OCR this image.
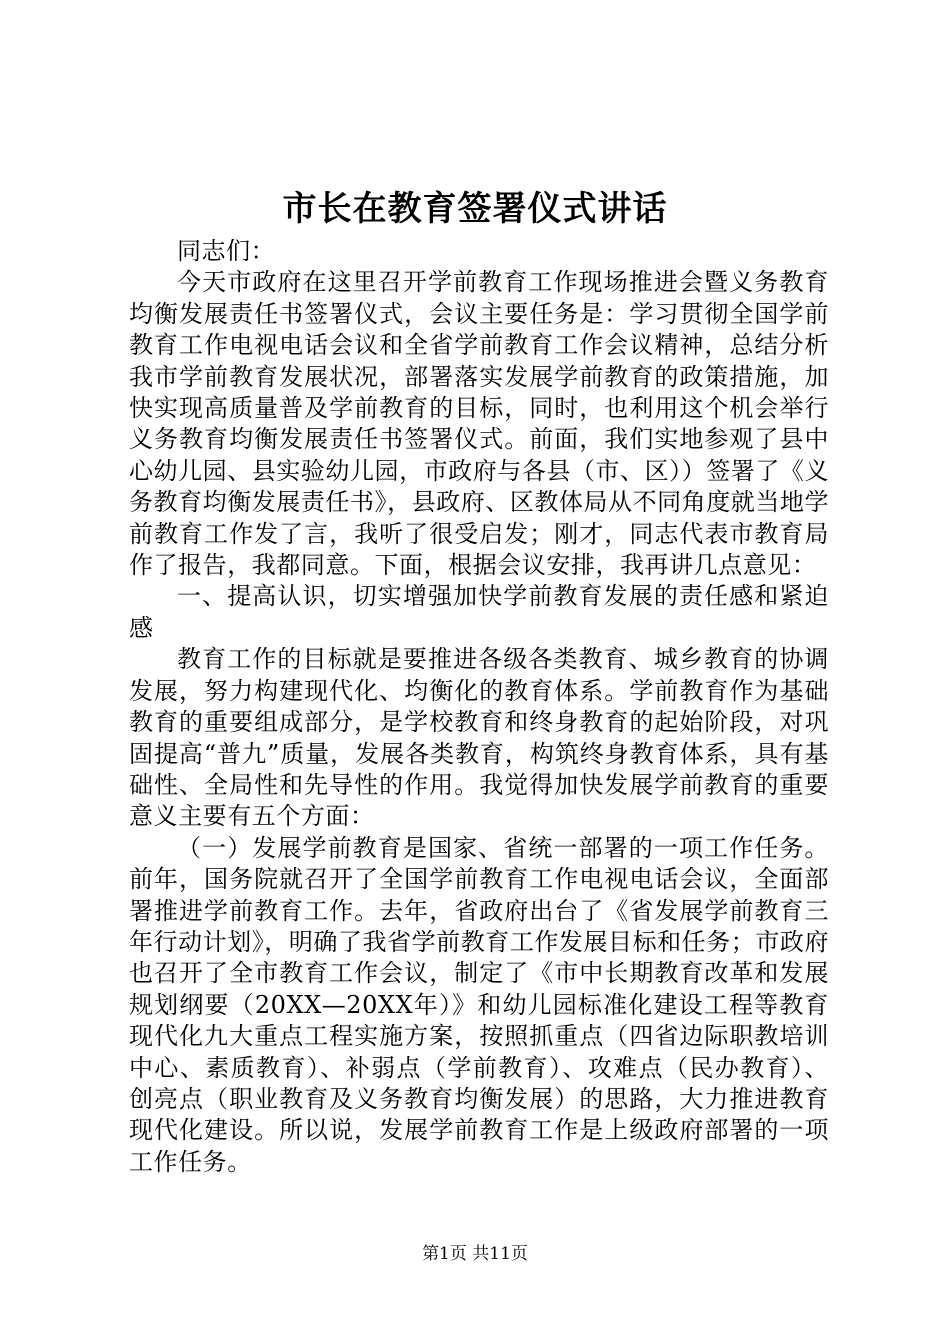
市长在教育签署仪式讲话

同志们：

今天市政府在这里召开学前教育工作现场推进会暨义务教育均衡发展责任书签署仪式，会议主要任务是：学习贯彻全国学前教育工作电视电话会议和全省学前教育工作会议精神，总结分析我市学前教育发展状况，部署落实发展学前教育的政策措施，加快实现高质量普及学前教育的目标，同时，也利用这个机会举行义务教育均衡发展责任书签署仪式。前面，我们实地参观了县中心幼儿园、县实验幼儿园，市政府与各县（市、区））签署了《义务教育均衡发展责任书》，县政府、区教体局从不同角度就当地学前教育工作发了言，我听了很受启发；刚才，同志代表市教育局作了报告，我都同意。下面，根据会议安排，我再讲几点意见：

一、提高认识，切实增强加快学前教育发展的责任感和紧迫感

教育工作的目标就是要推进各级各类教育、城乡教育的协调发展，努力构建现代化、均衡化的教育体系。学前教育作为基础教育的重要组成部分，是学校教育和终身教育的起始阶段，对巩固提高“普九”质量，发展各类教育，构筑终身教育体系，具有基础性、全局性和先导性的作用。我觉得加快发展学前教育的重要意义主要有五个方面：

（一）发展学前教育是国家、省统一部署的一项工作任务。前年，国务院就召开了全国学前教育工作电视电话会议，全面部署推进学前教育工作。去年，省政府出台了《省发展学前教育三年行动计划》，明确了我省学前教育工作发展目标和任务；市政府也召开了全市教育工作会议，制定了《市中长期教育改革和发展规划纲要（20XX—20XX年）》和幼儿园标准化建设工程等教育现代化九大重点工程实施方案，按照抓重点（四省边际职教培训中心、素质教育）、补弱点（学前教育）、攻难点（民办教育）、创亮点（职业教育及义务教育均衡发展）的思路，大力推进教育现代化建设。所以说，发展学前教育工作是上级政府部署的一项工作任务。

第1页 共11页
